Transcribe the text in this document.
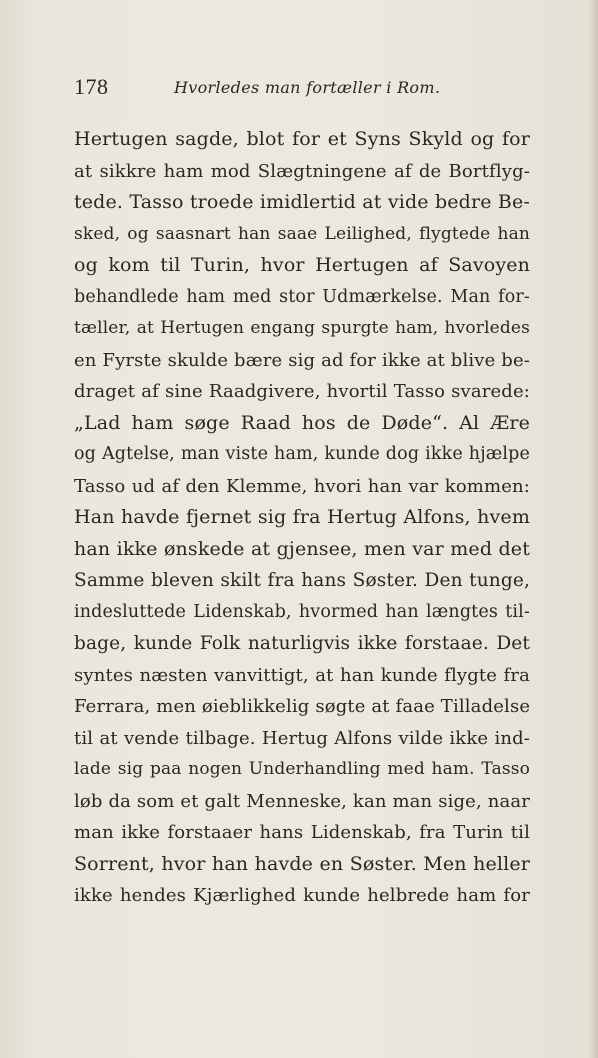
178	Hvorledes man fortæller i Rom.
Hertugen sagde, blot for et Syns Skyld og for
at sikkre ham mod Slægtningene af de Bortflyg-
tede. Tasso troede imidlertid at vide bedre Be-
sked, og saasnart han saae Leilighed, flygtede han
og kom til Turin, hvor Hertugen af Savoyen
behandlede ham med stor Udmærkelse. Man for-
tæller, at Hertugen engang spurgte ham, hvorledes
en Fyrste skulde bære sig ad for ikke at blive be-
draget af sine Raadgivere, hvortil Tasso svarede:
„Lad ham søge Raad hos de Døde“. Al Ære
og Agtelse, man viste ham, kunde dog ikke hjælpe
Tasso ud af den Klemme, hvori han var kommen:
Han havde fjernet sig fra Hertug Alfons, hvem
han ikke ønskede at gjensee, men var med det
Samme bleven skilt fra hans Søster. Den tunge,
indesluttede Lidenskab, hvormed han længtes til-
bage, kunde Folk naturligvis ikke forstaae. Det
syntes næsten vanvittigt, at han kunde flygte fra
Ferrara, men øieblikkelig søgte at faae Tilladelse
til at vende tilbage. Hertug Alfons vilde ikke ind-
lade sig paa nogen Underhandling med ham. Tasso
løb da som et galt Menneske, kan man sige, naar
man ikke forstaaer hans Lidenskab, fra Turin til
Sorrent, hvor han havde en Søster. Men heller
ikke hendes Kjærlighed kunde helbrede ham for
